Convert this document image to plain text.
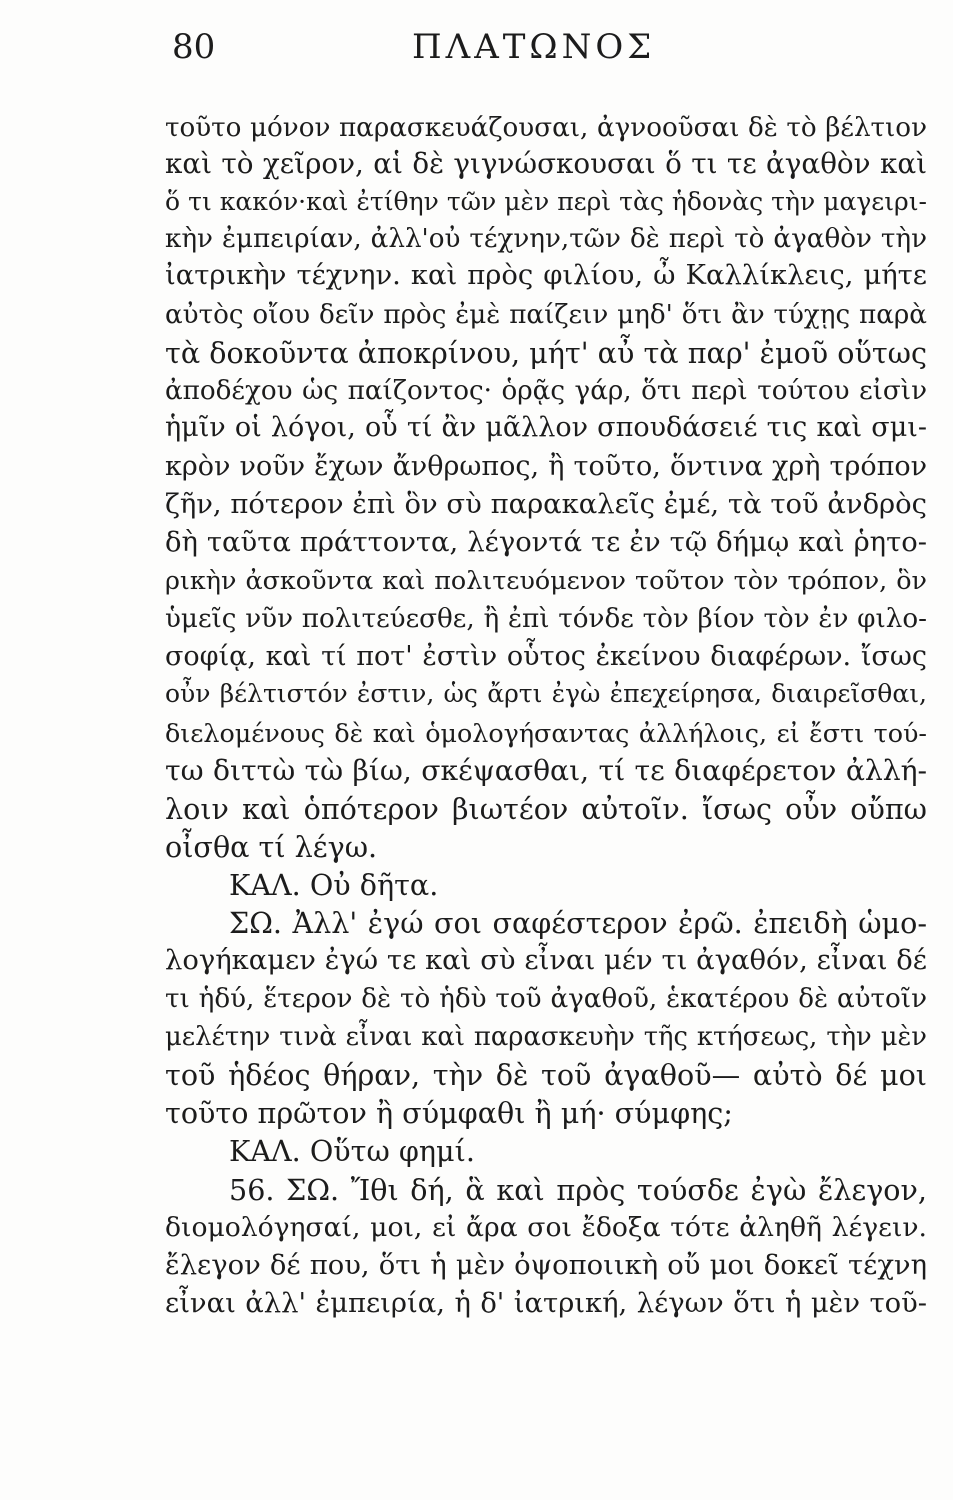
80	ΠΛΑΤΩΝΟΣ
τοῦτο μόνον παρασκευάζουσαι, ἀγνοοῦσαι δὲ τὸ βέλτιον
καὶ τὸ χεῖρον, αἱ δὲ γιγνώσκουσαι ὅ τι τε ἀγαθὸν καὶ
ὅ τι κακόν·καὶ ἐτίθην τῶν μὲν περὶ τὰς ἡδονὰς τὴν μαγειρι-
κὴν ἐμπειρίαν, ἀλλ'οὐ τέχνην,τῶν δὲ περὶ τὸ ἀγαθὸν τὴν
ἰατρικὴν τέχνην. καὶ πρὸς φιλίου, ὦ Καλλίκλεις, μήτε
αὐτὸς οἴου δεῖν πρὸς ἐμὲ παίζειν μηδ' ὅτι ἂν τύχῃς παρὰ
τὰ δοκοῦντα ἀποκρίνου, μήτ' αὖ τὰ παρ' ἐμοῦ οὕτως
ἀποδέχου ὡς παίζοντος· ὁρᾷς γάρ, ὅτι περὶ τούτου εἰσὶν
ἡμῖν οἱ λόγοι, οὗ τί ἂν μᾶλλον σπουδάσειέ τις καὶ σμι-
κρὸν νοῦν ἔχων ἄνθρωπος, ἢ τοῦτο, ὅντινα χρὴ τρόπον
ζῆν, πότερον ἐπὶ ὃν σὺ παρακαλεῖς ἐμέ, τὰ τοῦ ἀνδρὸς
δὴ ταῦτα πράττοντα, λέγοντά τε ἐν τῷ δήμῳ καὶ ῥητο-
ρικὴν ἀσκοῦντα καὶ πολιτευόμενον τοῦτον τὸν τρόπον, ὃν
ὑμεῖς νῦν πολιτεύεσθε, ἢ ἐπὶ τόνδε τὸν βίον τὸν ἐν φιλο-
σοφίᾳ, καὶ τί ποτ' ἐστὶν οὗτος ἐκείνου διαφέρων. ἴσως
οὖν βέλτιστόν ἐστιν, ὡς ἄρτι ἐγὼ ἐπεχείρησα, διαιρεῖσθαι,
διελομένους δὲ καὶ ὁμολογήσαντας ἀλλήλοις, εἰ ἔστι τού-
τω διττὼ τὼ βίω, σκέψασθαι, τί τε διαφέρετον ἀλλή-
λοιν καὶ ὁπότερον βιωτέον αὐτοῖν. ἴσως οὖν οὔπω
οἶσθα τί λέγω.
ΚΑΛ. Οὐ δῆτα.
ΣΩ. Ἀλλ' ἐγώ σοι σαφέστερον ἐρῶ. ἐπειδὴ ὡμο-
λογήκαμεν ἐγώ τε καὶ σὺ εἶναι μέν τι ἀγαθόν, εἶναι δέ
τι ἡδύ, ἕτερον δὲ τὸ ἡδὺ τοῦ ἀγαθοῦ, ἑκατέρου δὲ αὐτοῖν
μελέτην τινὰ εἶναι καὶ παρασκευὴν τῆς κτήσεως, τὴν μὲν
τοῦ ἡδέος θήραν, τὴν δὲ τοῦ ἀγαθοῦ— αὐτὸ δέ μοι
τοῦτο πρῶτον ἢ σύμφαθι ἢ μή· σύμφης;
ΚΑΛ. Οὕτω φημί.
56. ΣΩ. Ἴθι δή, ἃ καὶ πρὸς τούσδε ἐγὼ ἔλεγον,
διομολόγησαί, μοι, εἰ ἄρα σοι ἔδοξα τότε ἀληθῆ λέγειν.
ἔλεγον δέ που, ὅτι ἡ μὲν ὀψοποιικὴ οὔ μοι δοκεῖ τέχνη
εἶναι ἀλλ' ἐμπειρία, ἡ δ' ἰατρική, λέγων ὅτι ἡ μὲν τοῦ-
